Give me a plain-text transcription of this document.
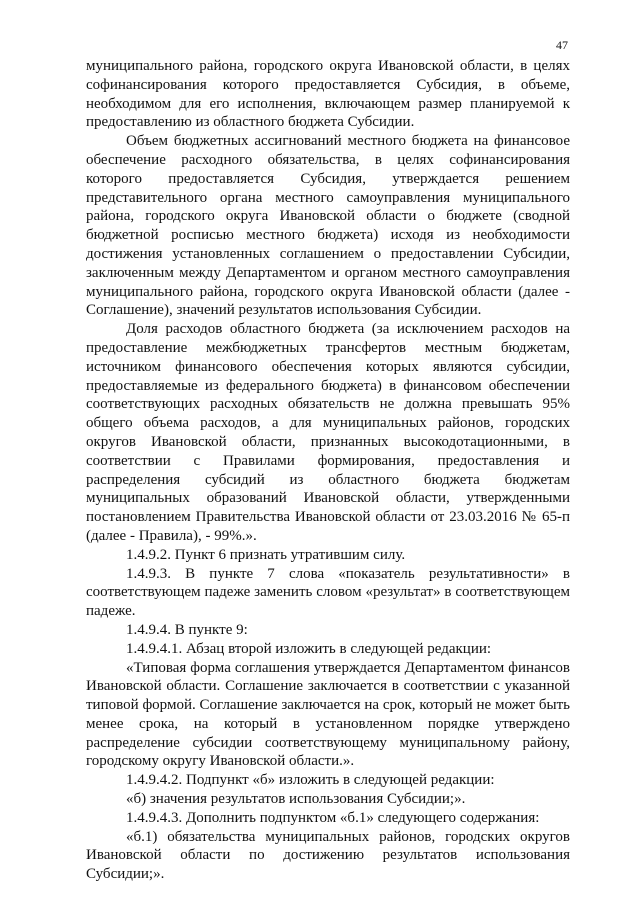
47

муниципального района, городского округа Ивановской области, в целях софинансирования которого предоставляется Субсидия, в объеме, необходимом для его исполнения, включающем размер планируемой к предоставлению из областного бюджета Субсидии.

Объем бюджетных ассигнований местного бюджета на финансовое обеспечение расходного обязательства, в целях софинансирования которого предоставляется Субсидия, утверждается решением представительного органа местного самоуправления муниципального района, городского округа Ивановской области о бюджете (сводной бюджетной росписью местного бюджета) исходя из необходимости достижения установленных соглашением о предоставлении Субсидии, заключенным между Департаментом и органом местного самоуправления муниципального района, городского округа Ивановской области (далее - Соглашение), значений результатов использования Субсидии.

Доля расходов областного бюджета (за исключением расходов на предоставление межбюджетных трансфертов местным бюджетам, источником финансового обеспечения которых являются субсидии, предоставляемые из федерального бюджета) в финансовом обеспечении соответствующих расходных обязательств не должна превышать 95% общего объема расходов, а для муниципальных районов, городских округов Ивановской области, признанных высокодотационными, в соответствии с Правилами формирования, предоставления и распределения субсидий из областного бюджета бюджетам муниципальных образований Ивановской области, утвержденными постановлением Правительства Ивановской области от 23.03.2016 № 65-п (далее - Правила), - 99%.».

1.4.9.2. Пункт 6 признать утратившим силу.

1.4.9.3. В пункте 7 слова «показатель результативности» в соответствующем падеже заменить словом «результат» в соответствующем падеже.

1.4.9.4. В пункте 9:

1.4.9.4.1. Абзац второй изложить в следующей редакции:

«Типовая форма соглашения утверждается Департаментом финансов Ивановской области. Соглашение заключается в соответствии с указанной типовой формой. Соглашение заключается на срок, который не может быть менее срока, на который в установленном порядке утверждено распределение субсидии соответствующему муниципальному району, городскому округу Ивановской области.».

1.4.9.4.2. Подпункт «б» изложить в следующей редакции:

«б) значения результатов использования Субсидии;».

1.4.9.4.3. Дополнить подпунктом «б.1» следующего содержания:

«б.1) обязательства муниципальных районов, городских округов Ивановской области по достижению результатов использования Субсидии;».
